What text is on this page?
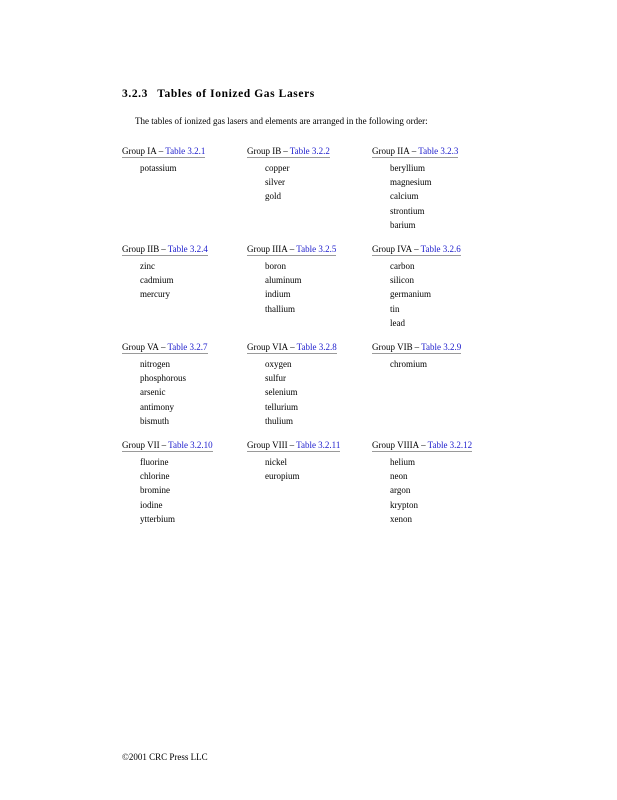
3.2.3 Tables of Ionized Gas Lasers
The tables of ionized gas lasers and elements are arranged in the following order:
Group IA – Table 3.2.1
potassium
Group IB – Table 3.2.2
copper
silver
gold
Group IIA – Table 3.2.3
beryllium
magnesium
calcium
strontium
barium
Group IIB – Table 3.2.4
zinc
cadmium
mercury
Group IIIA – Table 3.2.5
boron
aluminum
indium
thallium
Group IVA – Table 3.2.6
carbon
silicon
germanium
tin
lead
Group VA – Table 3.2.7
nitrogen
phosphorous
arsenic
antimony
bismuth
Group VIA – Table 3.2.8
oxygen
sulfur
selenium
tellurium
thulium
Group VIB – Table 3.2.9
chromium
Group VII – Table 3.2.10
fluorine
chlorine
bromine
iodine
ytterbium
Group VIII – Table 3.2.11
nickel
europium
Group VIIIA – Table 3.2.12
helium
neon
argon
krypton
xenon
©2001 CRC Press LLC
